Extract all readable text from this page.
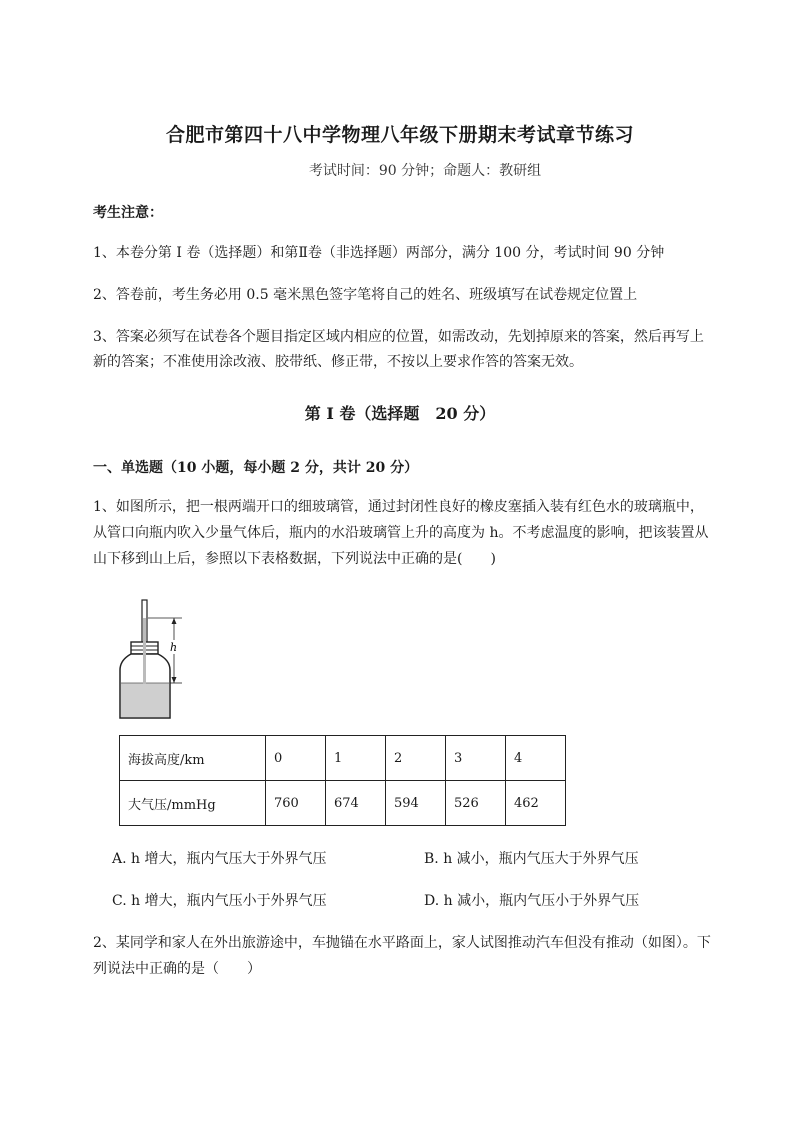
合肥市第四十八中学物理八年级下册期末考试章节练习
考试时间：90 分钟；命题人：教研组
考生注意：
1、本卷分第 I 卷（选择题）和第Ⅱ卷（非选择题）两部分，满分 100 分，考试时间 90 分钟
2、答卷前，考生务必用 0.5 毫米黑色签字笔将自己的姓名、班级填写在试卷规定位置上
3、答案必须写在试卷各个题目指定区域内相应的位置，如需改动，先划掉原来的答案，然后再写上新的答案；不准使用涂改液、胶带纸、修正带，不按以上要求作答的答案无效。
第 I 卷（选择题　20 分）
一、单选题（10 小题，每小题 2 分，共计 20 分）
1、如图所示，把一根两端开口的细玻璃管，通过封闭性良好的橡皮塞插入装有红色水的玻璃瓶中，从管口向瓶内吹入少量气体后，瓶内的水沿玻璃管上升的高度为 h。不考虑温度的影响，把该装置从山下移到山上后，参照以下表格数据，下列说法中正确的是(　　)
h
海拔高度/km	0	1	2	3	4
大气压/mmHg	760	674	594	526	462
A. h 增大，瓶内气压大于外界气压	B. h 减小，瓶内气压大于外界气压
C. h 增大，瓶内气压小于外界气压	D. h 减小，瓶内气压小于外界气压
2、某同学和家人在外出旅游途中，车抛锚在水平路面上，家人试图推动汽车但没有推动（如图）。下列说法中正确的是（　　）
